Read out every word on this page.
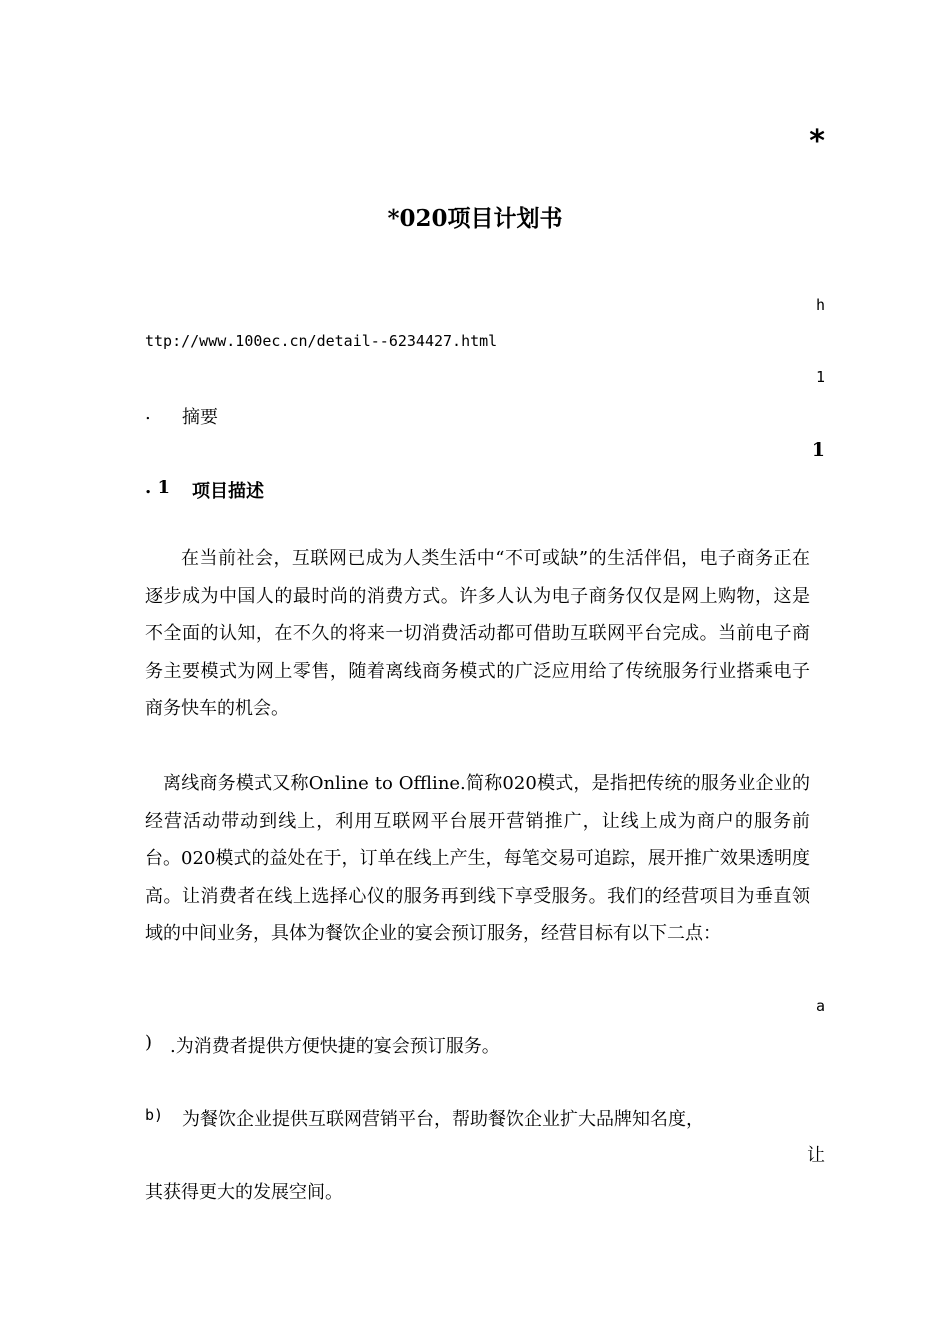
*
*020项目计划书
h
ttp://www.100ec.cn/detail--6234427.html
1
. 摘要
1
. 1 项目描述
在当前社会，互联网已成为人类生活中“不可或缺”的生活伴侣，电子商务正在逐步成为中国人的最时尚的消费方式。许多人认为电子商务仅仅是网上购物，这是不全面的认知，在不久的将来一切消费活动都可借助互联网平台完成。当前电子商务主要模式为网上零售，随着离线商务模式的广泛应用给了传统服务行业搭乘电子商务快车的机会。
离线商务模式又称Online to Offline.简称020模式，是指把传统的服务业企业的经营活动带动到线上，利用互联网平台展开营销推广，让线上成为商户的服务前台。020模式的益处在于，订单在线上产生，每笔交易可追踪，展开推广效果透明度高。让消费者在线上选择心仪的服务再到线下享受服务。我们的经营项目为垂直领域的中间业务，具体为餐饮企业的宴会预订服务，经营目标有以下二点：
a
) .为消费者提供方便快捷的宴会预订服务。
b) 为餐饮企业提供互联网营销平台，帮助餐饮企业扩大品牌知名度，
让
其获得更大的发展空间。
